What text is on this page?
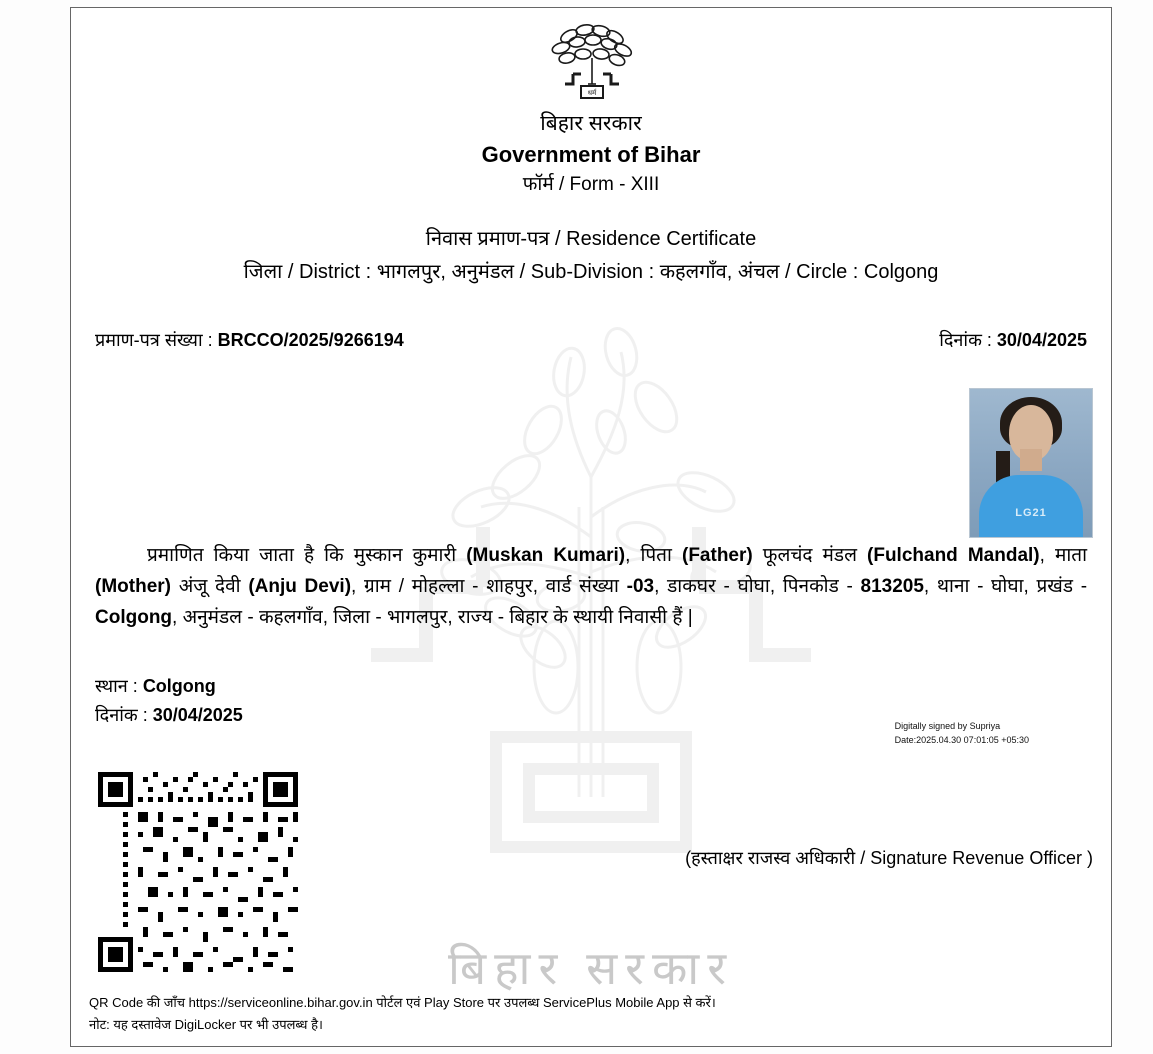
बिहार सरकार
धर्म
बिहार सरकार
Government of Bihar
फॉर्म / Form - XIII
निवास प्रमाण-पत्र / Residence Certificate
जिला / District : भागलपुर, अनुमंडल / Sub-Division : कहलगाँव, अंचल / Circle : Colgong
प्रमाण-पत्र संख्या : BRCCO/2025/9266194	दिनांक : 30/04/2025
प्रमाणित किया जाता है कि मुस्कान कुमारी (Muskan Kumari), पिता (Father) फूलचंद मंडल (Fulchand Mandal), माता (Mother) अंजू देवी (Anju Devi), ग्राम / मोहल्ला - शाहपुर, वार्ड संख्या -03, डाकघर - घोघा, पिनकोड - 813205, थाना - घोघा, प्रखंड - Colgong, अनुमंडल - कहलगाँव, जिला - भागलपुर, राज्य - बिहार के स्थायी निवासी हैं |
स्थान : Colgong
दिनांक : 30/04/2025
LG21
Digitally signed by Supriya
Date:2025.04.30 07:01:05 +05:30
(हस्ताक्षर राजस्व अधिकारी / Signature Revenue Officer )
QR Code की जाँच https://serviceonline.bihar.gov.in पोर्टल एवं Play Store पर उपलब्ध ServicePlus Mobile App से करें।
नोट: यह दस्तावेज DigiLocker पर भी उपलब्ध है।
